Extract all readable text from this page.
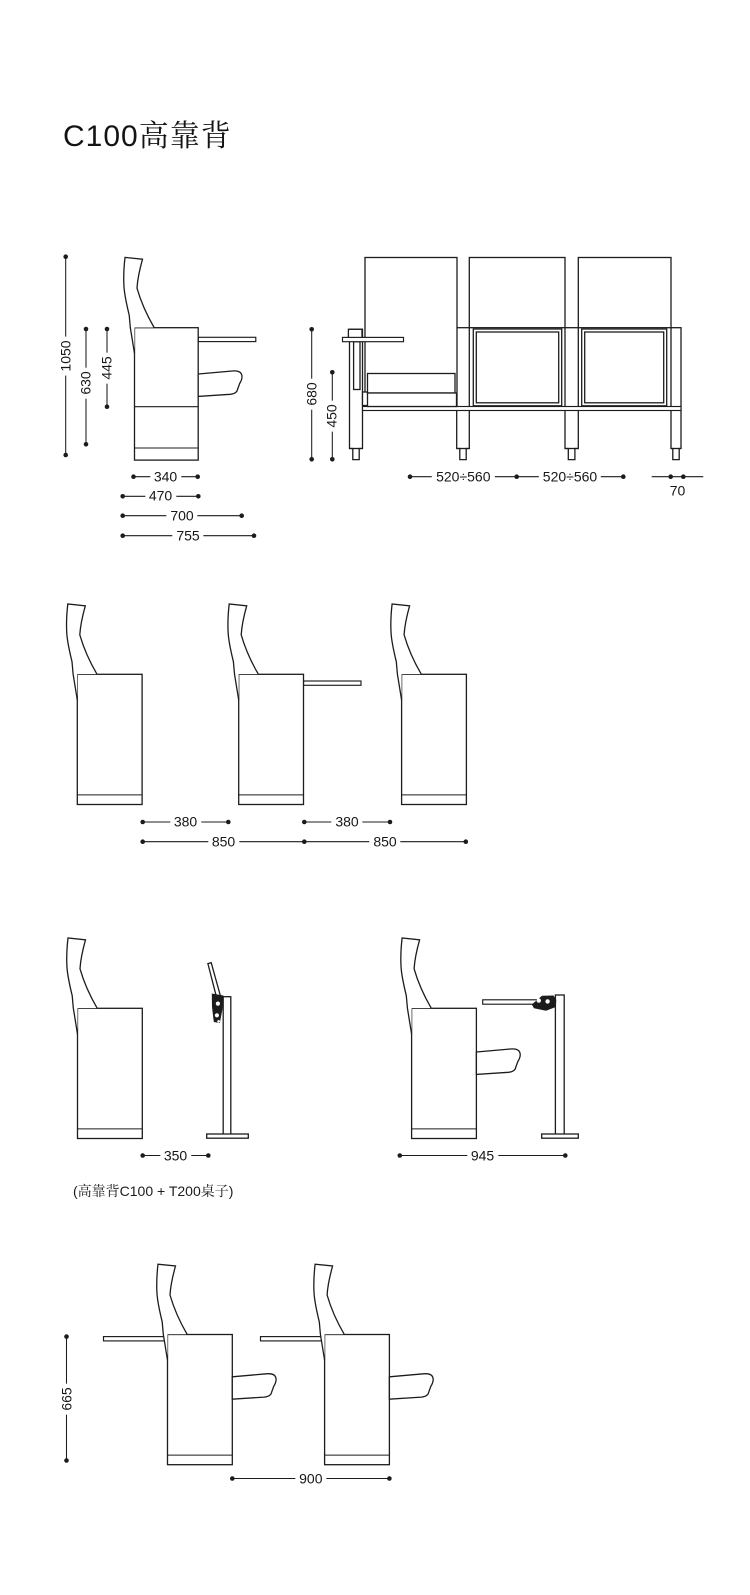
C100高靠背
1050
630
445
340
470
700
755
680
450
520÷560	520÷560
70
380	380
850	850
350	945
(高靠背C100 + T200桌子)
665
900
